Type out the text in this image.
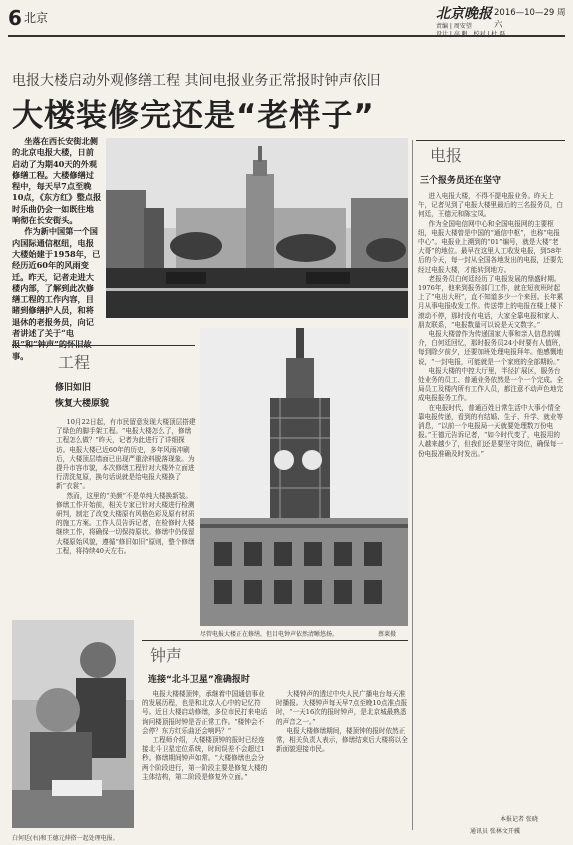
6 北京	北京晚报 2016—10—29 周六
责编 | 周安望
电报大楼启动外观修缮工程 其间电报业务正常报时钟声依旧
大楼装修完还是“老样子”

坐落在西长安街北侧的北京电报大楼，日前启动了为期40天的外观修缮工程。大楼修缮过程中，每天早7点至晚10点，《东方红》整点报时乐曲仍会一如既往地响彻在长安街头。

作为新中国第一个国内国际通信枢纽，电报大楼始建于1958年，已经历近60年的风雨变迁。昨天，记者走进大楼内部，了解到此次修缮工程的工作内容，目睹到修缮护人员，和将退休的老报务员，向记者讲述了关于“电报”和“钟声”的怀旧故事。	工程
修旧如旧
恢复大楼原貌

10月22日起，有市民留意发现大楼顶层搭建了绿色的脚手架工程。“电报大楼怎么了，修缮工程怎么做？”昨天，记者为此进行了详细探访。电报大楼已近60年的历史，多年风雨冲刷后，大楼顶层墙面已出现严重涂料脱落现象。为提升市容市貌，本次修缮工程针对大楼外立面进行清洗复原，换句话说就是给电报大楼换了新“衣裳”。

然而，这里的“美颜”不是单纯大楼换新装。修缮工作开始前，相关专家已针对大楼进行检测研判，制定了改变大楼原有风格色彩及原有材质的施工方案。工作人员告诉记者，在检修时大楼继续工作，将确保一切保持原状。修缮中仍保留大楼原始风貌，遵循“修旧如旧”原则，整个修缮工程，将持续40天左右。

尽管电报大楼正在修缮，但目电钟声依然清晰悠扬。	蔡莱摄
电报
三个报务员还在坚守

进入电报大楼，不得不提电报业务。昨天上午，记者见到了电报大楼里最后的三名报务员，白何廷，王德元和陈宝凤。

作为全国电信网中心和全国电报网的主要枢纽，电报大楼曾是中国的“通信中枢”，也称“电报中心”。电报业上溯到的“01”编号，就是大楼“老大哥”的地位。最早在这里人工收发电报，到58年后的今天，每一封从全国各地发出的电报，还要先经过电报大楼，才能转到地方。

老报务员白何廷经历了电报发展的鼎盛时期。1976年，他来到报务部门工作，就在短夜班时起上了“电出大班”，直不知道多少一个来回。长年累月从事电报收发工作。传送带上的电报在楼上楼下滚动不停，那时没有电话，大家全靠电报和家人、朋友联系，“电报数量可以说是天文数字。”

电报大楼曾作为传递国家大事和亲人信息的媒介，白何廷回忆，那时报务员24小时要有人值班，每到除夕前夕，还要加班处理电报拜年。他感慨地说，“一封电报，可能就是一个家庭的全部期盼。”

电报大楼的中控大厅里，半径扩展区，服务台处业务的员工、普通业务依然是一个一个完成。全局员工及楼内所有工作人员，都注意不动声色地完成电报报务工作。

在电报时代，普通百姓日常生活中大事小情全靠电报传递，看到的有结婚、生子、升学、就业等消息，“以前一个电报局一天就要处理数万份电报。”王德元告诉记者，“如今时代变了，电报用的人越来越少了，但我们还是要坚守岗位，确保每一份电报准确及时发出。”

本报记者 张晓
通讯员 张林文开骥
钟声
连接“北斗卫星”准确报时

电报大楼楼顶钟，承继着中国通信事业的发展历程，也是和北京人心中的记忆符号。近日大楼启动修缮，多位市民打来电话询问楼顶报时钟是否正常工作。“楼钟会不会停？东方红乐曲还会响吗？”

工程师介绍，大楼楼顶钟的报时已经连接北斗卫星定位系统，时间误差不会超过1秒。修缮期间钟声如常。“大楼修缮也会分两个阶段进行，第一阶段主要是修复大楼的主体结构，第二阶段是修复外立面。”

大楼钟声的透过中央人民广播电台每天准时播报。大楼钟声每天早7点至晚10点准点报时，“一天16次的报时钟声，是北京城最熟悉的声音之一。”

电报大楼修缮期间，楼顶钟的报时依然正常，相关负责人表示，修缮结束后大楼将以全新面貌迎接市民。

白何廷(右)和王德元伸搭一起处理电报。
